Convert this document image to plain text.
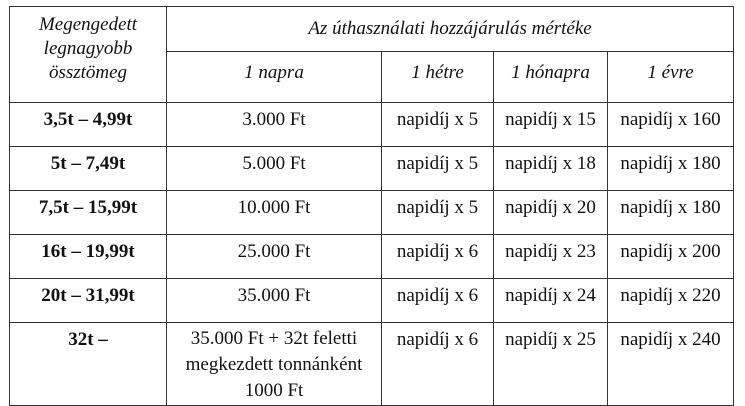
Megengedett legnagyobb össztömeg	Az úthasználati hozzájárulás mértéke			
	1 napra	1 hétre	1 hónapra	1 évre
3,5t – 4,99t	3.000 Ft	napidíj x 5	napidíj x 15	napidíj x 160
5t – 7,49t	5.000 Ft	napidíj x 5	napidíj x 18	napidíj x 180
7,5t – 15,99t	10.000 Ft	napidíj x 5	napidíj x 20	napidíj x 180
16t – 19,99t	25.000 Ft	napidíj x 6	napidíj x 23	napidíj x 200
20t – 31,99t	35.000 Ft	napidíj x 6	napidíj x 24	napidíj x 220
32t –	35.000 Ft + 32t feletti megkezdett tonnánként 1000 Ft	napidíj x 6	napidíj x 25	napidíj x 240
